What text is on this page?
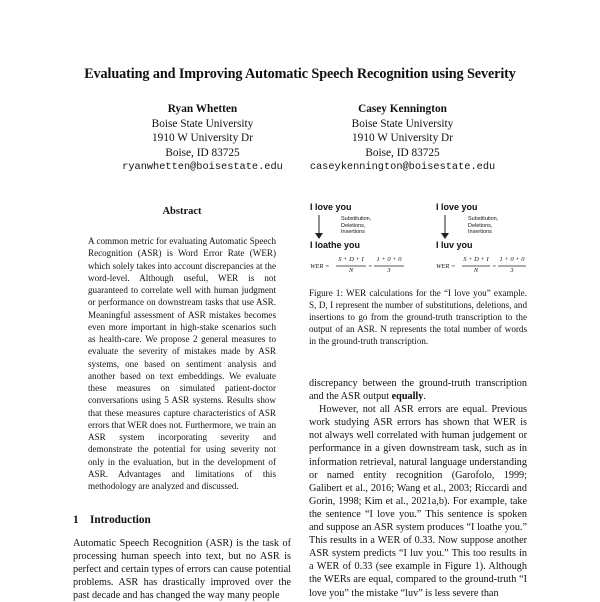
Evaluating and Improving Automatic Speech Recognition using Severity
Ryan Whetten
Boise State University
1910 W University Dr
Boise, ID 83725
ryanwhetten@boisestate.edu
Casey Kennington
Boise State University
1910 W University Dr
Boise, ID 83725
caseykennington@boisestate.edu
Abstract
A common metric for evaluating Automatic Speech Recognition (ASR) is Word Error Rate (WER) which solely takes into account discrepancies at the word-level. Although useful, WER is not guaranteed to correlate well with human judgment or performance on downstream tasks that use ASR. Meaningful assessment of ASR mistakes becomes even more important in high-stake scenarios such as health-care. We propose 2 general measures to evaluate the severity of mistakes made by ASR systems, one based on sentiment analysis and another based on text embeddings. We evaluate these measures on simulated patient-doctor conversations using 5 ASR systems. Results show that these measures capture characteristics of ASR errors that WER does not. Furthermore, we train an ASR system incorporating severity and demonstrate the potential for using severity not only in the evaluation, but in the development of ASR. Advantages and limitations of this methodology are analyzed and discussed.
1 Introduction
Automatic Speech Recognition (ASR) is the task of processing human speech into text, but no ASR is perfect and certain types of errors can cause potential problems. ASR has drastically improved over the past decade and has changed the way many people
I love you
Substitution,
Deletions,
Insertions
I loathe you
WER =
S + D + I
N
=
1 + 0 + 0
3
I love you
Substitution,
Deletions,
Insertions
I luv you
WER =
S + D + I
N
=
1 + 0 + 0
3
Figure 1: WER calculations for the “I love you” example. S, D, I represent the number of substitutions, deletions, and insertions to go from the ground-truth transcription to the output of an ASR. N represents the total number of words in the ground-truth transcription.

discrepancy between the ground-truth transcription and the ASR output equally.

However, not all ASR errors are equal. Previous work studying ASR errors has shown that WER is not always well correlated with human judgement or performance in a given downstream task, such as in information retrieval, natural language understanding or named entity recognition (Garofolo, 1999; Galibert et al., 2016; Wang et al., 2003; Riccardi and Gorin, 1998; Kim et al., 2021a,b). For example, take the sentence “I love you.” This sentence is spoken and suppose an ASR system produces “I loathe you.” This results in a WER of 0.33. Now suppose another ASR system predicts “I luv you.” This too results in a WER of 0.33 (see example in Figure 1). Although the WERs are equal, compared to the ground-truth “I love you” the mistake “luv” is less severe than
